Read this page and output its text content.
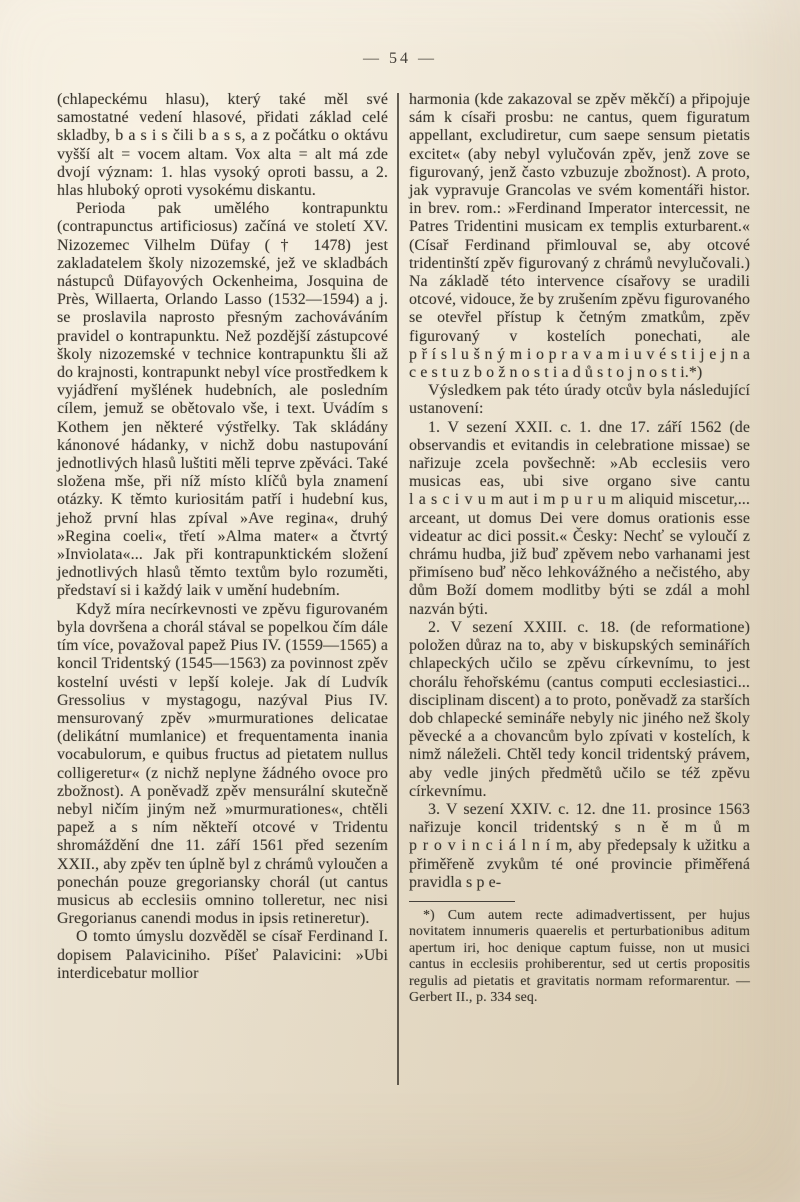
— 54 —

(chlapeckému hlasu), který také měl své samostatné vedení hlasové, přidati základ celé skladby, b a s i s čili b a s s, a z počátku o oktávu vyšší alt = vocem altam. Vox alta = alt má zde dvojí význam: 1. hlas vysoký oproti bassu, a 2. hlas hluboký oproti vysokému diskantu.

Perioda pak umělého kontrapunktu (contrapunctus artificiosus) začíná ve století XV. Nizozemec Vilhelm Düfay († 1478) jest zakladatelem školy nizozemské, jež ve skladbách nástupců Düfayových Ockenheima, Josquina de Près, Willaerta, Orlando Lasso (1532—1594) a j. se proslavila naprosto přesným zachováváním pravidel o kontrapunktu. Než pozdější zástupcové školy nizozemské v technice kontrapunktu šli až do krajnosti, kontrapunkt nebyl více prostředkem k vyjádření myšlének hudebních, ale posledním cílem, jemuž se obětovalo vše, i text. Uvádím s Kothem jen některé výstřelky. Tak skládány kánonové hádanky, v nichž dobu nastupování jednotlivých hlasů luštiti měli teprve zpěváci. Také složena mše, při níž místo klíčů byla znamení otázky. K těmto kuriositám patří i hudební kus, jehož první hlas zpíval »Ave regina«, druhý »Regina coeli«, třetí »Alma mater« a čtvrtý »Inviolata«... Jak při kontrapunktickém složení jednotlivých hlasů těmto textům bylo rozuměti, představí si i každý laik v umění hudebním.

Když míra necírkevnosti ve zpěvu figurovaném byla dovršena a chorál stával se popelkou čím dále tím více, považoval papež Pius IV. (1559—1565) a koncil Tridentský (1545—1563) za povinnost zpěv kostelní uvésti v lepší koleje. Jak dí Ludvík Gressolius v mystagogu, nazýval Pius IV. mensurovaný zpěv »murmurationes delicatae (delikátní mumlanice) et frequentamenta inania vocabulorum, e quibus fructus ad pietatem nullus colligeretur« (z nichž neplyne žádného ovoce pro zbožnost). A poněvadž zpěv mensurální skutečně nebyl ničím jiným než »murmurationes«, chtěli papež a s ním někteří otcové v Tridentu shromáždění dne 11. září 1561 před sezením XXII., aby zpěv ten úplně byl z chrámů vyloučen a ponechán pouze gregoriansky chorál (ut cantus musicus ab ecclesiis omnino tolleretur, nec nisi Gregorianus canendi modus in ipsis retineretur).

O tomto úmyslu dozvěděl se císař Ferdinand I. dopisem Palaviciniho. Píšeť Palavicini: »Ubi interdicebatur mollior

harmonia (kde zakazoval se zpěv měkčí) a připojuje sám k císaři prosbu: ne cantus, quem figuratum appellant, excludiretur, cum saepe sensum pietatis excitet« (aby nebyl vylučován zpěv, jenž zove se figurovaný, jenž často vzbuzuje zbožnost). A proto, jak vypravuje Grancolas ve svém komentáři histor. in brev. rom.: »Ferdinand Imperator intercessit, ne Patres Tridentini musicam ex templis exturbarent.« (Císař Ferdinand přimlouval se, aby otcové tridentinští zpěv figurovaný z chrámů nevylučovali.) Na základě této intervence císařovy se uradili otcové, vidouce, že by zrušením zpěvu figurovaného se otevřel přístup k četným zmatkům, zpěv figurovaný v kostelích ponechati, ale p ř í s l u š n ý m i o p r a v a m i u v é s t i j e j n a c e s t u z b o ž n o s t i a d ů s t o j n o s t i.*)

Výsledkem pak této úrady otcův byla následující ustanovení:

1. V sezení XXII. c. 1. dne 17. září 1562 (de observandis et evitandis in celebratione missae) se nařizuje zcela povšechně: »Ab ecclesiis vero musicas eas, ubi sive organo sive cantu l a s c i v u m aut i m p u r u m aliquid miscetur,... arceant, ut domus Dei vere domus orationis esse videatur ac dici possit.« Česky: Nechť se vyloučí z chrámu hudba, již buď zpěvem nebo varhanami jest přimíseno buď něco lehkovážného a nečistého, aby dům Boží domem modlitby býti se zdál a mohl nazván býti.

2. V sezení XXIII. c. 18. (de reformatione) položen důraz na to, aby v biskupských seminářích chlapeckých učilo se zpěvu církevnímu, to jest chorálu řehořskému (cantus computi ecclesiastici... disciplinam discent) a to proto, poněvadž za starších dob chlapecké semináře nebyly nic jiného než školy pěvecké a a chovancům bylo zpívati v kostelích, k nimž náleželi. Chtěl tedy koncil tridentský právem, aby vedle jiných předmětů učilo se též zpěvu církevnímu.

3. V sezení XXIV. c. 12. dne 11. prosince 1563 nařizuje koncil tridentský s n ě m ů m p r o v i n c i á l n í m, aby předepsaly k užitku a přiměřeně zvykům té oné provincie přiměřená pravidla s p e-

*) Cum autem recte adimadvertissent, per hujus novitatem innumeris quaerelis et perturbationibus aditum apertum iri, hoc denique captum fuisse, non ut musici cantus in ecclesiis prohiberentur, sed ut certis propositis regulis ad pietatis et gravitatis normam reformarentur. — Gerbert II., p. 334 seq.
